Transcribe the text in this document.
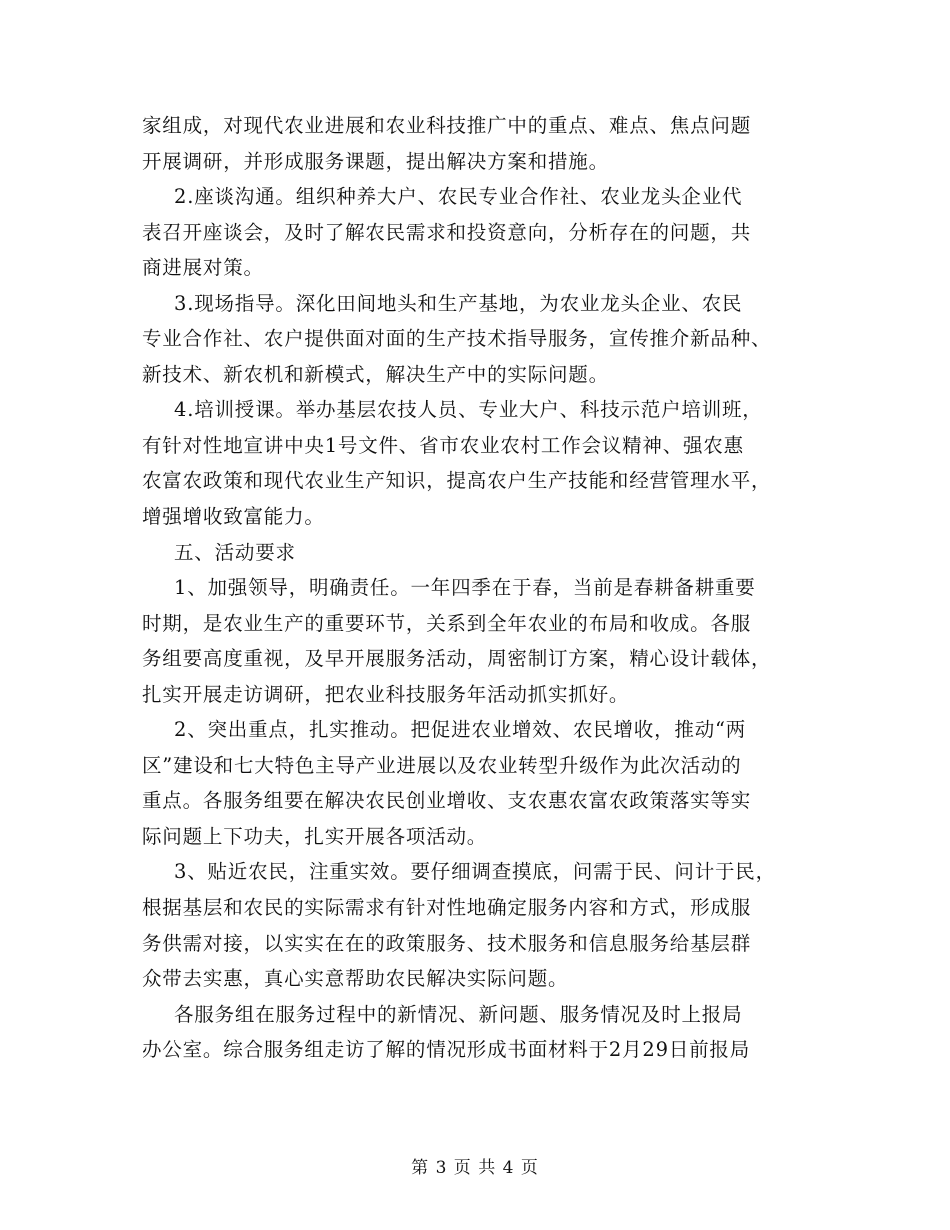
家组成，对现代农业进展和农业科技推广中的重点、难点、焦点问题
开展调研，并形成服务课题，提出解决方案和措施。
2.座谈沟通。组织种养大户、农民专业合作社、农业龙头企业代
表召开座谈会，及时了解农民需求和投资意向，分析存在的问题，共
商进展对策。
3.现场指导。深化田间地头和生产基地，为农业龙头企业、农民
专业合作社、农户提供面对面的生产技术指导服务，宣传推介新品种、
新技术、新农机和新模式，解决生产中的实际问题。
4.培训授课。举办基层农技人员、专业大户、科技示范户培训班，
有针对性地宣讲中央1号文件、省市农业农村工作会议精神、强农惠
农富农政策和现代农业生产知识，提高农户生产技能和经营管理水平，
增强增收致富能力。
五、活动要求
1、加强领导，明确责任。一年四季在于春，当前是春耕备耕重要
时期，是农业生产的重要环节，关系到全年农业的布局和收成。各服
务组要高度重视，及早开展服务活动，周密制订方案，精心设计载体，
扎实开展走访调研，把农业科技服务年活动抓实抓好。
2、突出重点，扎实推动。把促进农业增效、农民增收，推动“两
区”建设和七大特色主导产业进展以及农业转型升级作为此次活动的
重点。各服务组要在解决农民创业增收、支农惠农富农政策落实等实
际问题上下功夫，扎实开展各项活动。
3、贴近农民，注重实效。要仔细调查摸底，问需于民、问计于民，
根据基层和农民的实际需求有针对性地确定服务内容和方式，形成服
务供需对接，以实实在在的政策服务、技术服务和信息服务给基层群
众带去实惠，真心实意帮助农民解决实际问题。
各服务组在服务过程中的新情况、新问题、服务情况及时上报局
办公室。综合服务组走访了解的情况形成书面材料于2月29日前报局
第 3 页 共 4 页
